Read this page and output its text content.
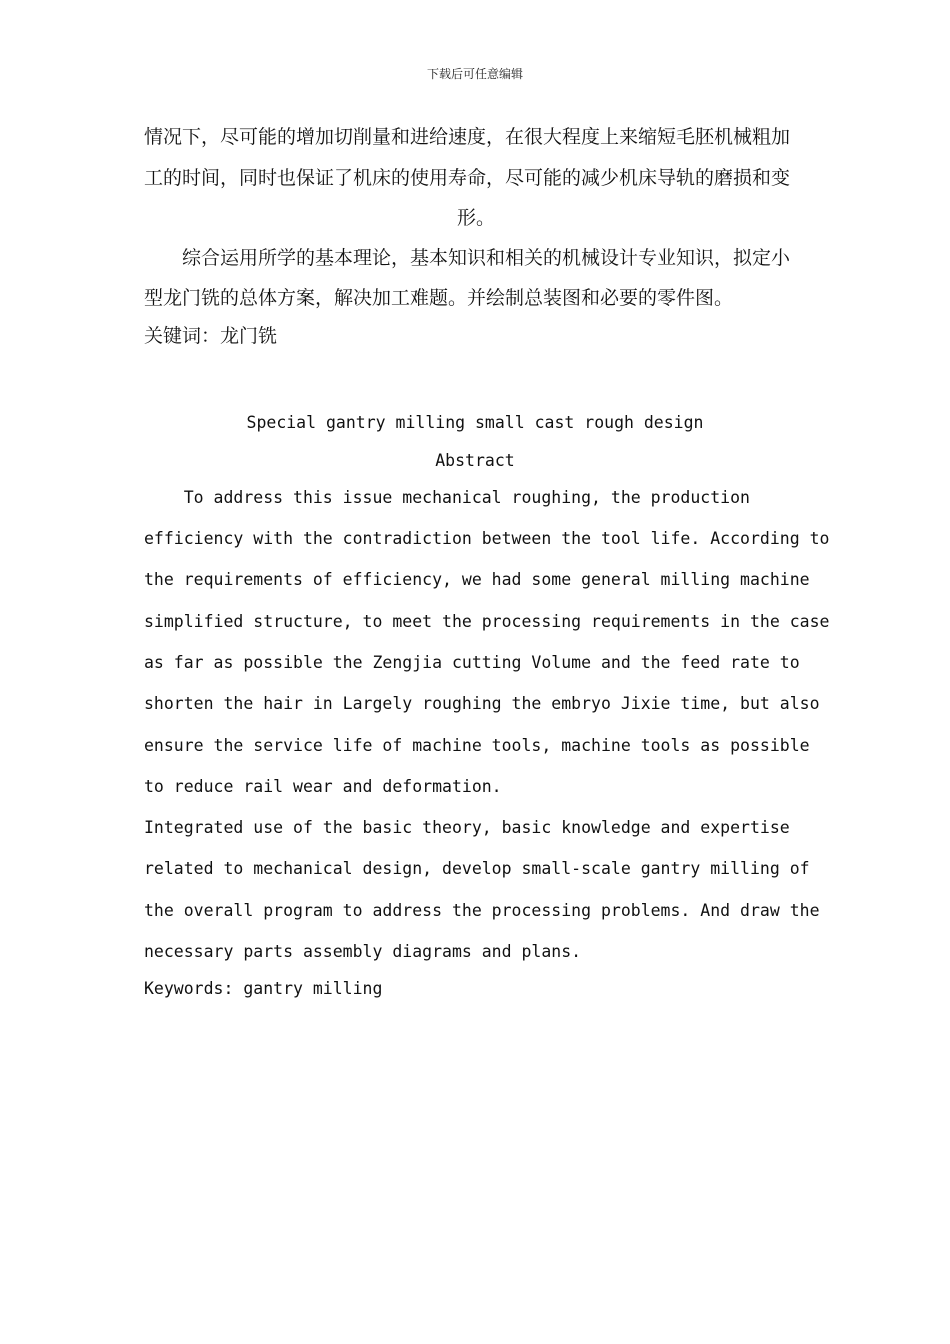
下载后可任意编辑
情况下，尽可能的增加切削量和进给速度，在很大程度上来缩短毛胚机械粗加
工的时间，同时也保证了机床的使用寿命，尽可能的减少机床导轨的磨损和变
形。
　　综合运用所学的基本理论，基本知识和相关的机械设计专业知识，拟定小
型龙门铣的总体方案，解决加工难题。并绘制总装图和必要的零件图。
关键词：龙门铣
Special gantry milling small cast rough design
Abstract
To address this issue mechanical roughing, the production
efficiency with the contradiction between the tool life. According to
the requirements of efficiency, we had some general milling machine
simplified structure, to meet the processing requirements in the case
as far as possible the Zengjia cutting Volume and the feed rate to
shorten the hair in Largely roughing the embryo Jixie time, but also
ensure the service life of machine tools, machine tools as possible
to reduce rail wear and deformation.
Integrated use of the basic theory, basic knowledge and expertise
related to mechanical design, develop small-scale gantry milling of
the overall program to address the processing problems. And draw the
necessary parts assembly diagrams and plans.
Keywords: gantry milling
